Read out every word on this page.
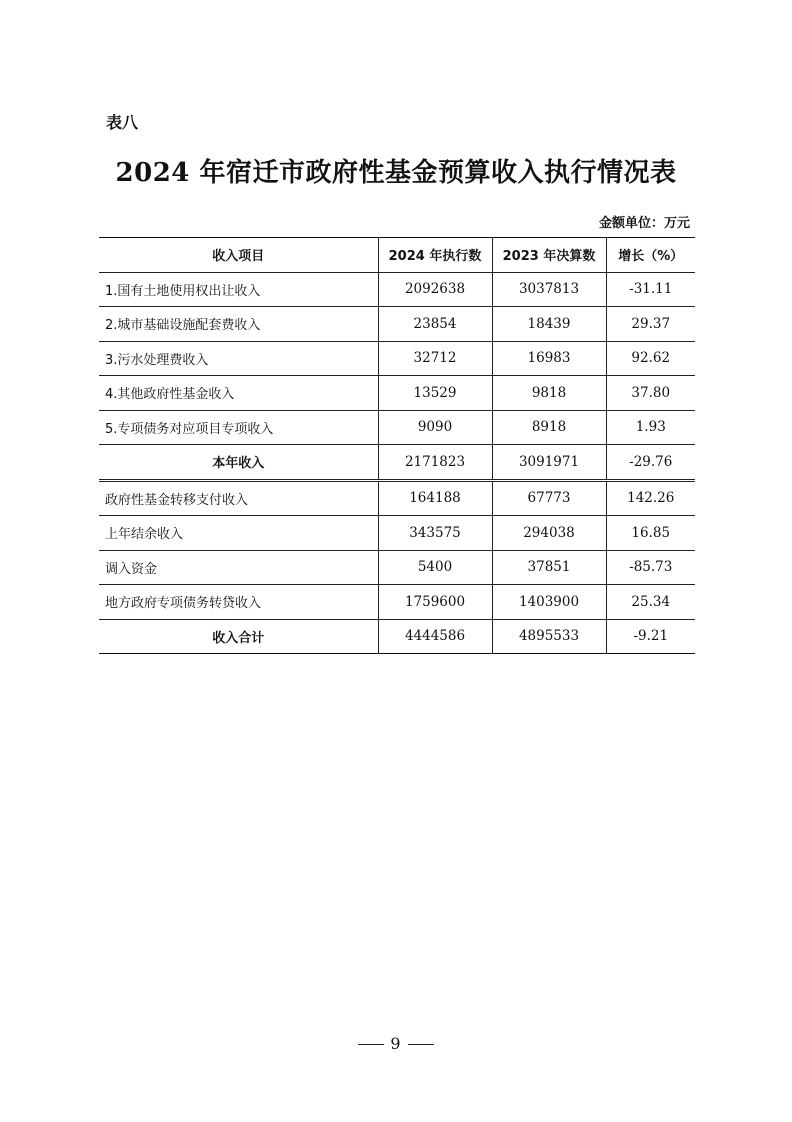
表八
2024 年宿迁市政府性基金预算收入执行情况表
金额单位：万元
收入项目	2024 年执行数	2023 年决算数	增长（%）
1.国有土地使用权出让收入	2092638	3037813	-31.11
2.城市基础设施配套费收入	23854	18439	29.37
3.污水处理费收入	32712	16983	92.62
4.其他政府性基金收入	13529	9818	37.80
5.专项债务对应项目专项收入	9090	8918	1.93
本年收入	2171823	3091971	-29.76
政府性基金转移支付收入	164188	67773	142.26
上年结余收入	343575	294038	16.85
调入资金	5400	37851	-85.73
地方政府专项债务转贷收入	1759600	1403900	25.34
收入合计	4444586	4895533	-9.21
9
